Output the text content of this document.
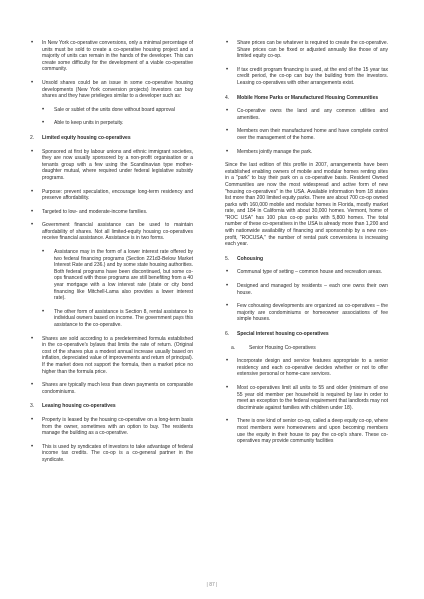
• In New York co-operative conversions, only a minimal percentage of units must be sold to create a co-operative housing project and a majority of units can remain in the hands of the developer. This can create some difficulty for the development of a viable co-operative community.
• Unsold shares could be an issue in some co-operative housing developments (New York conversion projects) Investors can buy shares and they have privileges similar to a developer such as:
• Sale or sublet of the units done without board approval
• Able to keep units in perpetuity.
2.	Limited equity housing co-operatives
• Sponsored at first by labour unions and ethnic immigrant societies, they are now usually sponsored by a non-profit organisation or a tenants group with a few using the Scandinavian type mother-daughter mutual, where required under federal legislative subsidy programs.
• Purpose: prevent speculation, encourage long-term residency and preserve affordability.
• Targeted to low- and moderate-income families.
• Government financial assistance can be used to maintain affordability of shares. Not all limited-equity housing co-operatives receive financial assistance. Assistance is in two forms.
• Assistance may in the form of a lower interest rate offered by two federal financing programs (Section 221d3-Below Market Interest Rate and 236.) and by some state housing authorities. Both federal programs have been discontinued, but some co-ops financed with those programs are still benefiting from a 40 year mortgage with a low interest rate (state or city bond financing like Mitchell-Lama also provides a lower interest rate).
• The other form of assistance is Section 8, rental assistance to individual owners based on income. The government pays this assistance to the co-operative.
• Shares are sold according to a predetermined formula established in the co-operative's bylaws that limits the rate of return. (Original cost of the shares plus a modest annual increase usually based on inflation, depreciated value of improvements and return of principal). If the market does not support the formula, then a market price no higher than the formula price.
• Shares are typically much less than down payments on comparable condominiums.
3.	Leasing housing co-operatives
• Property is leased by the housing co-operative on a long-term basis from the owner, sometimes with an option to buy. The residents manage the building as a co-operative.
• This is used by syndicates of investors to take advantage of federal income tax credits. The co-op is a co-general partner in the syndicate.
• Share prices can be whatever is required to create the co-operative. Share prices can be fixed or adjusted annually like those of any limited equity co-op.
• If tax credit program financing is used, at the end of the 15 year tax credit period, the co-op can buy the building from the investors. Leasing co-operatives with other arrangements exist.
4.	Mobile Home Parks or Manufactured Housing Communities
• Co-operative owns the land and any common utilities and amenities.
• Members own their manufactured home and have complete control over the management of the home.
• Members jointly manage the park.
Since the last edition of this profile in 2007, arrangements have been established enabling owners of mobile and modular homes renting sites in a "park" to buy their park on a co-operative basis. Resident Owned Communities are now the most widespread and active form of new "housing co-operatives" in the USA. Available information from 18 states list more than 200 limited equity parks. There are about 700 co-op owned parks with 160,000 mobile and modular homes in Florida, mostly market rate, and 184 in California with about 30,000 homes. Vermont, home of "ROC USA" has 100 plus co-op parks with 5,800 homes. The total number of these co-operatives in the USA is already more than 1,200 and with nationwide availability of financing and sponsorship by a new non-profit, "ROCUSA," the number of rental park conversions is increasing each year.
5.	Cohousing
• Communal type of setting – common house and recreation areas.
• Designed and managed by residents – each one owns their own house.
• Few cohousing developments are organized as co-operatives – the majority are condominiums or homeowner associations of fee simple houses.
6.	Special interest housing co-operatives
a.	Senior Housing Co-operatives
• Incorporate design and service features appropriate to a senior residency and each co-operative decides whether or not to offer extensive personal or home-care services.
• Most co-operatives limit all units to 55 and older (minimum of one 55 year old member per household is required by law in order to meet an exception to the federal requirement that landlords may not discriminate against families with children under 18).
• There is one kind of senior co-op, called a deep equity co-op, where most members were homeowners and upon becoming members use the equity in their house to pay the co-op's share. These co-operatives may provide community facilities
| 87 |
